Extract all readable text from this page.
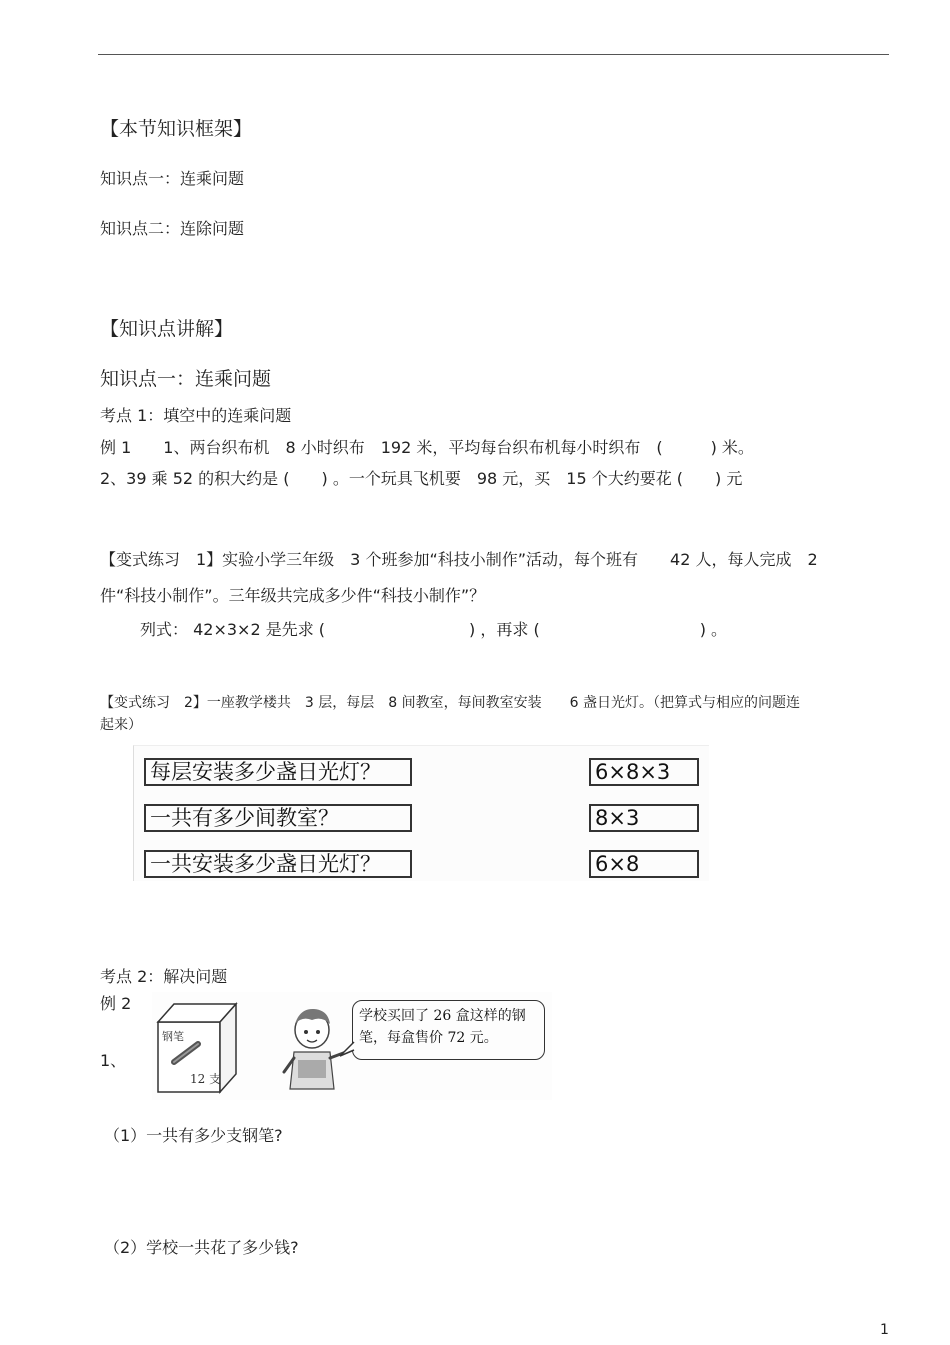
【本节知识框架】
知识点一：连乘问题
知识点二：连除问题
【知识点讲解】
知识点一：连乘问题
考点 1：填空中的连乘问题
例 1　　1、两台织布机　8 小时织布　192 米，平均每台织布机每小时织布　(　　　) 米。
2、39 乘 52 的积大约是 (　　) 。一个玩具飞机要　98 元，买　15 个大约要花 (　　) 元
【变式练习　1】实验小学三年级　3 个班参加“科技小制作”活动，每个班有　　42 人，每人完成　2
件“科技小制作”。三年级共完成多少件“科技小制作”？
列式： 42×3×2 是先求 (　　　　　　　　　) ，再求 (　　　　　　　　　　) 。
【变式练习　2】一座教学楼共　3 层，每层　8 间教室，每间教室安装　　6 盏日光灯。（把算式与相应的问题连
起来）
每层安装多少盏日光灯？
一共有多少间教室？
一共安装多少盏日光灯？
6×8×3
8×3
6×8
考点 2：解决问题
例 2
1、
钢笔
12 支
学校买回了 26 盒这样的钢笔，每盒售价 72 元。
（1）一共有多少支钢笔?
（2）学校一共花了多少钱?
1
